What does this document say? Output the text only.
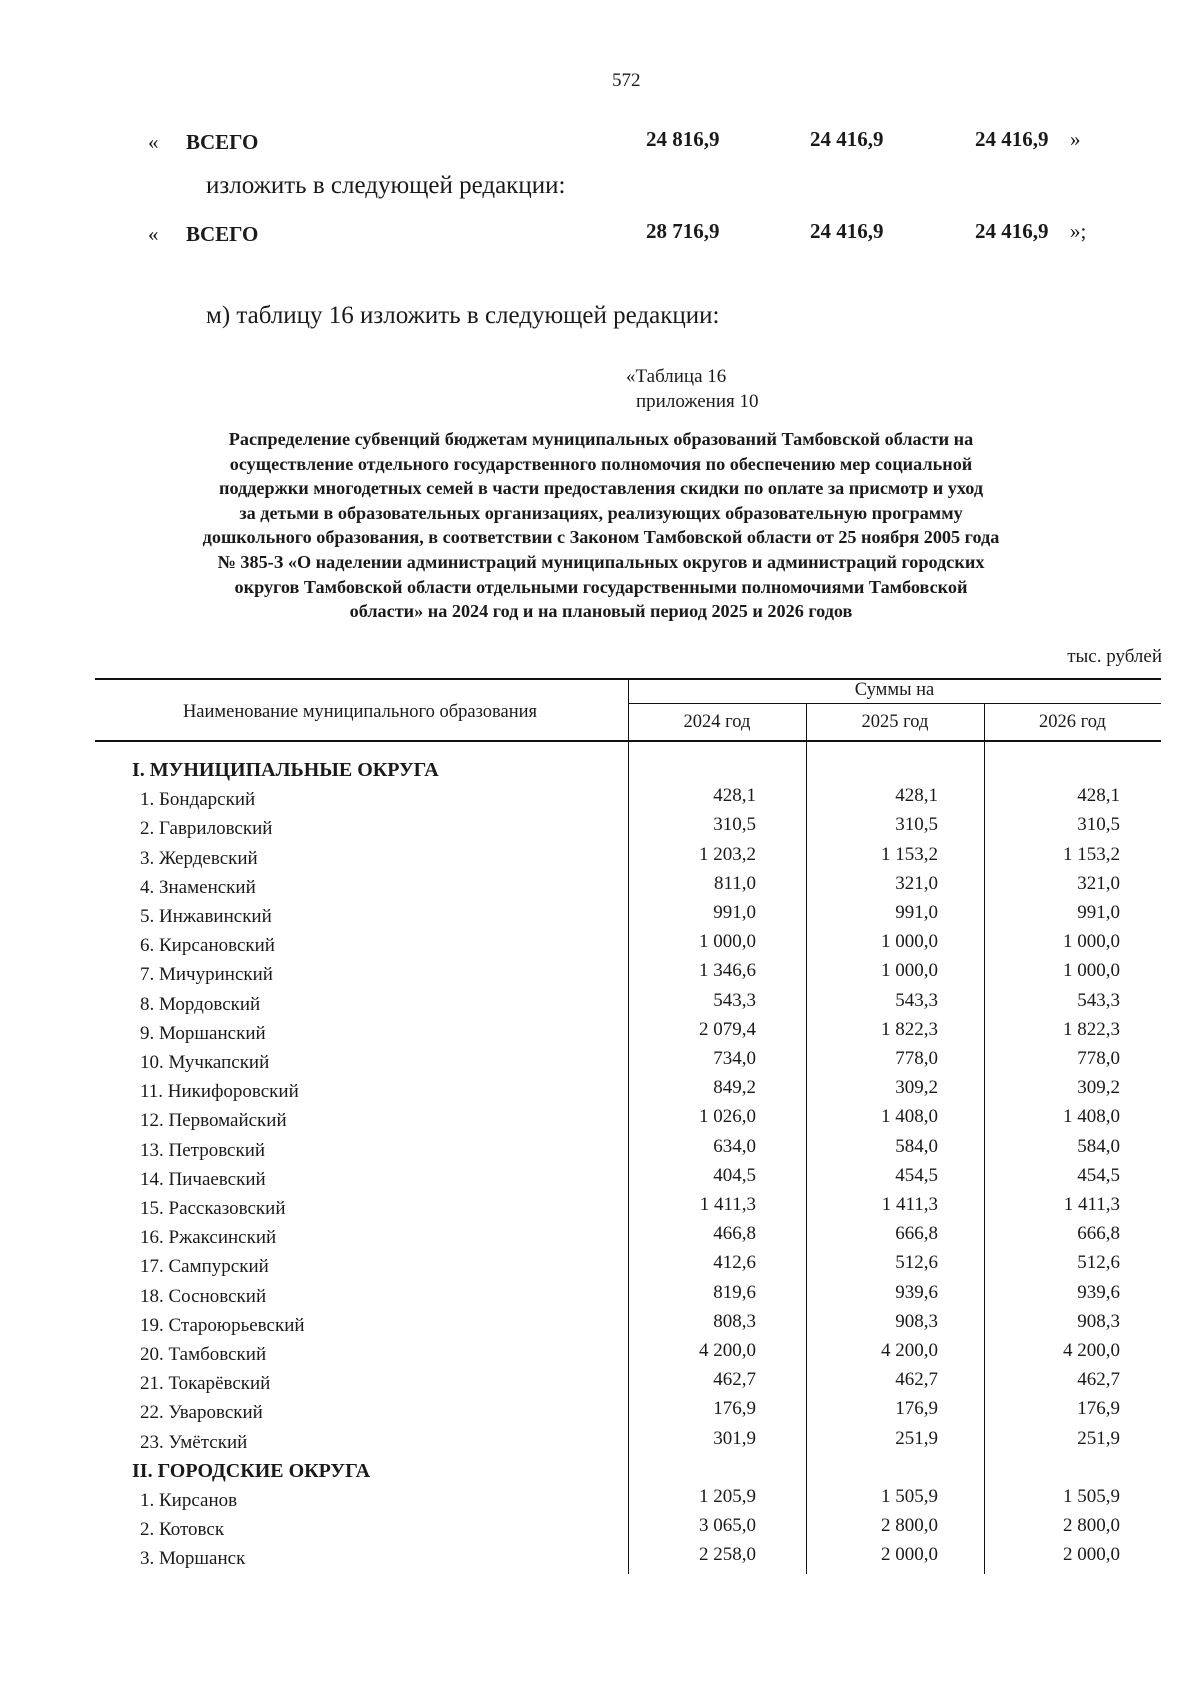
572
« ВСЕГО	24 816,9	24 416,9	24 416,9 »
изложить в следующей редакции:
« ВСЕГО	28 716,9	24 416,9	24 416,9 »;
м) таблицу 16 изложить в следующей редакции:
«Таблица 16
приложения 10
Распределение субвенций бюджетам муниципальных образований Тамбовской области на
осуществление отдельного государственного полномочия по обеспечению мер социальной
поддержки многодетных семей в части предоставления скидки по оплате за присмотр и уход
за детьми в образовательных организациях, реализующих образовательную программу
дошкольного образования, в соответствии с Законом Тамбовской области от 25 ноября 2005 года
№ 385-З «О наделении администраций муниципальных округов и администраций городских
округов Тамбовской области отдельными государственными полномочиями Тамбовской
области» на 2024 год и на плановый период 2025 и 2026 годов
тыс. рублей
Наименование муниципального образования
Суммы на
2024 год	2025 год	2026 год
I. МУНИЦИПАЛЬНЫЕ ОКРУГА
1. Бондарский	428,1	428,1	428,1
2. Гавриловский	310,5	310,5	310,5
3. Жердевский	1 203,2	1 153,2	1 153,2
4. Знаменский	811,0	321,0	321,0
5. Инжавинский	991,0	991,0	991,0
6. Кирсановский	1 000,0	1 000,0	1 000,0
7. Мичуринский	1 346,6	1 000,0	1 000,0
8. Мордовский	543,3	543,3	543,3
9. Моршанский	2 079,4	1 822,3	1 822,3
10. Мучкапский	734,0	778,0	778,0
11. Никифоровский	849,2	309,2	309,2
12. Первомайский	1 026,0	1 408,0	1 408,0
13. Петровский	634,0	584,0	584,0
14. Пичаевский	404,5	454,5	454,5
15. Рассказовский	1 411,3	1 411,3	1 411,3
16. Ржаксинский	466,8	666,8	666,8
17. Сампурский	412,6	512,6	512,6
18. Сосновский	819,6	939,6	939,6
19. Староюрьевский	808,3	908,3	908,3
20. Тамбовский	4 200,0	4 200,0	4 200,0
21. Токарёвский	462,7	462,7	462,7
22. Уваровский	176,9	176,9	176,9
23. Умётский	301,9	251,9	251,9
II. ГОРОДСКИЕ ОКРУГА
1. Кирсанов	1 205,9	1 505,9	1 505,9
2. Котовск	3 065,0	2 800,0	2 800,0
3. Моршанск	2 258,0	2 000,0	2 000,0
